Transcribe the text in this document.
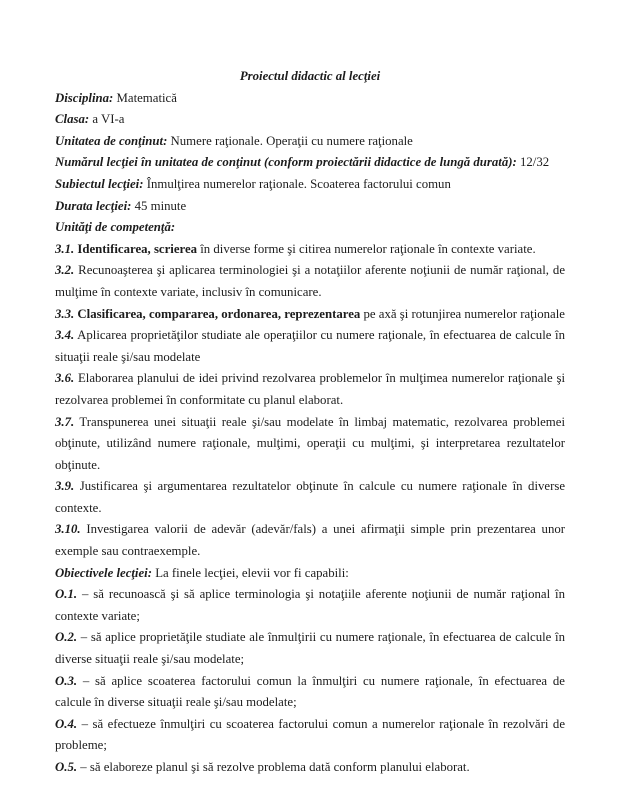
Proiectul didactic al lecţiei

Disciplina: Matematică

Clasa: a VI-a

Unitatea de conţinut: Numere raţionale. Operaţii cu numere raţionale

Numărul lecţiei în unitatea de conţinut (conform proiectării didactice de lungă durată): 12/32

Subiectul lecţiei: Înmulţirea numerelor raţionale. Scoaterea factorului comun

Durata lecţiei: 45 minute

Unităţi de competenţă:

3.1. Identificarea, scrierea în diverse forme şi citirea numerelor raţionale în contexte variate.

3.2. Recunoaşterea şi aplicarea terminologiei şi a notaţiilor aferente noţiunii de număr raţional, de mulţime în contexte variate, inclusiv în comunicare.

3.3. Clasificarea, compararea, ordonarea, reprezentarea pe axă şi rotunjirea numerelor raţionale

3.4. Aplicarea proprietăţilor studiate ale operaţiilor cu numere raţionale, în efectuarea de calcule în situaţii reale şi/sau modelate

3.6. Elaborarea planului de idei privind rezolvarea problemelor în mulţimea numerelor raţionale şi rezolvarea problemei în conformitate cu planul elaborat.

3.7. Transpunerea unei situaţii reale şi/sau modelate în limbaj matematic, rezolvarea problemei obţinute, utilizând numere raţionale, mulţimi, operaţii cu mulţimi, şi interpretarea rezultatelor obţinute.

3.9. Justificarea şi argumentarea rezultatelor obţinute în calcule cu numere raţionale în diverse contexte.

3.10. Investigarea valorii de adevăr (adevăr/fals) a unei afirmaţii simple prin prezentarea unor exemple sau contraexemple.

Obiectivele lecţiei: La finele lecţiei, elevii vor fi capabili:

O.1. – să recunoască şi să aplice terminologia şi notaţiile aferente noţiunii de număr raţional în contexte variate;

O.2. – să aplice proprietăţile studiate ale înmulţirii cu numere raţionale, în efectuarea de calcule în diverse situaţii reale şi/sau modelate;

O.3. – să aplice scoaterea factorului comun la înmulţiri cu numere raţionale, în efectuarea de calcule în diverse situaţii reale şi/sau modelate;

O.4. – să efectueze înmulţiri cu scoaterea factorului comun a numerelor raţionale în rezolvări de probleme;

O.5. – să elaboreze planul şi să rezolve problema dată conform planului elaborat.
